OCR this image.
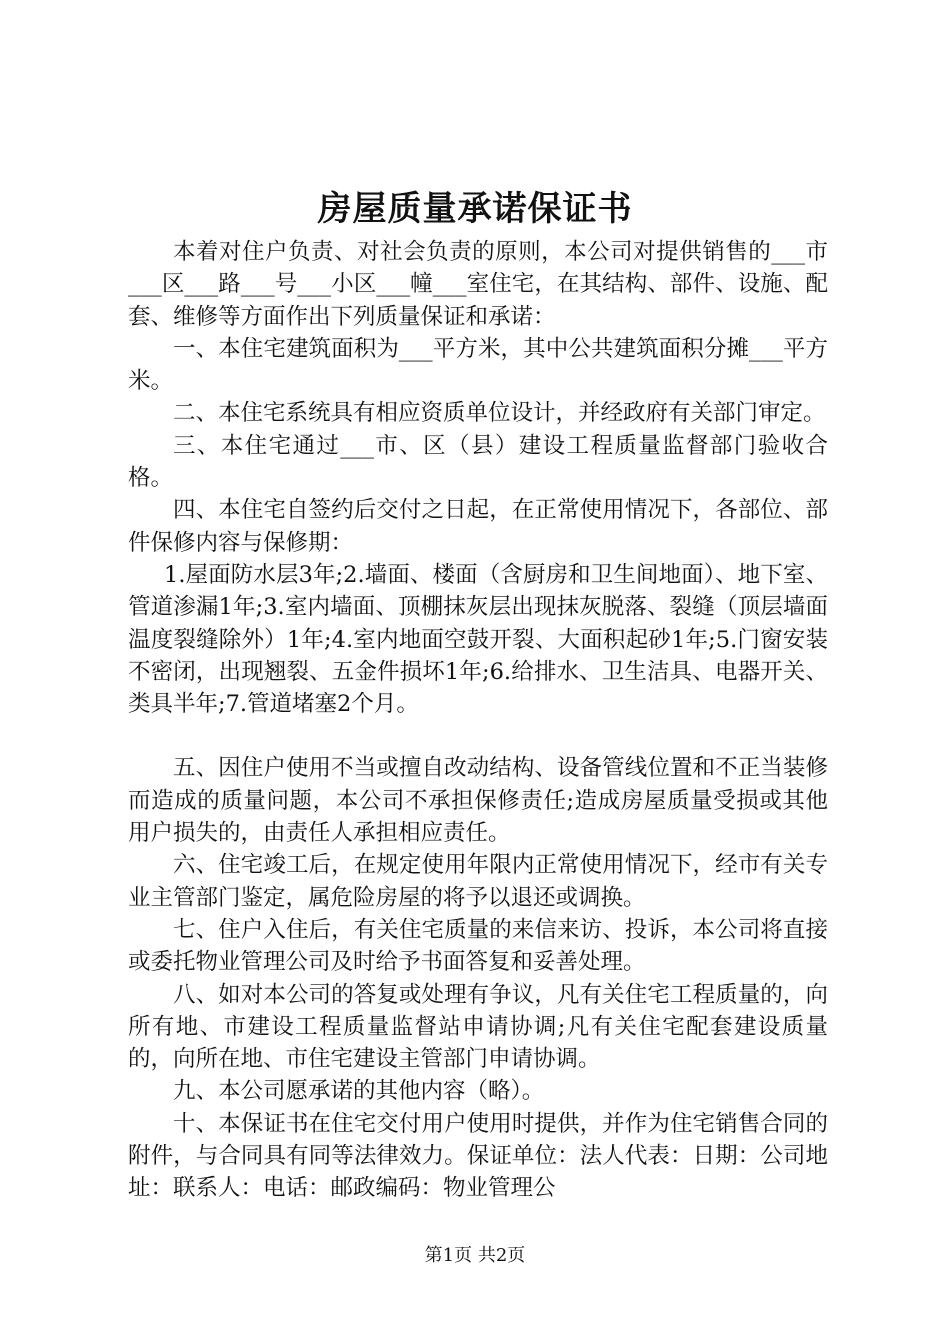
房屋质量承诺保证书

本着对住户负责、对社会负责的原则，本公司对提供销售的___市___区___路___号___小区___幢___室住宅，在其结构、部件、设施、配套、维修等方面作出下列质量保证和承诺：

一、本住宅建筑面积为___平方米，其中公共建筑面积分摊___平方米。

二、本住宅系统具有相应资质单位设计，并经政府有关部门审定。

三、本住宅通过___市、区（县）建设工程质量监督部门验收合格。

四、本住宅自签约后交付之日起，在正常使用情况下，各部位、部件保修内容与保修期：

1.屋面防水层3年;2.墙面、楼面（含厨房和卫生间地面）、地下室、管道渗漏1年;3.室内墙面、顶棚抹灰层出现抹灰脱落、裂缝（顶层墙面温度裂缝除外）1年;4.室内地面空鼓开裂、大面积起砂1年;5.门窗安装不密闭，出现翘裂、五金件损坏1年;6.给排水、卫生洁具、电器开关、类具半年;7.管道堵塞2个月。

五、因住户使用不当或擅自改动结构、设备管线位置和不正当装修而造成的质量问题，本公司不承担保修责任;造成房屋质量受损或其他用户损失的，由责任人承担相应责任。

六、住宅竣工后，在规定使用年限内正常使用情况下，经市有关专业主管部门鉴定，属危险房屋的将予以退还或调换。

七、住户入住后，有关住宅质量的来信来访、投诉，本公司将直接或委托物业管理公司及时给予书面答复和妥善处理。

八、如对本公司的答复或处理有争议，凡有关住宅工程质量的，向所有地、市建设工程质量监督站申请协调;凡有关住宅配套建设质量的，向所在地、市住宅建设主管部门申请协调。

九、本公司愿承诺的其他内容（略）。

十、本保证书在住宅交付用户使用时提供，并作为住宅销售合同的附件，与合同具有同等法律效力。保证单位：法人代表：日期：公司地址：联系人：电话：邮政编码：物业管理公

第1页 共2页
